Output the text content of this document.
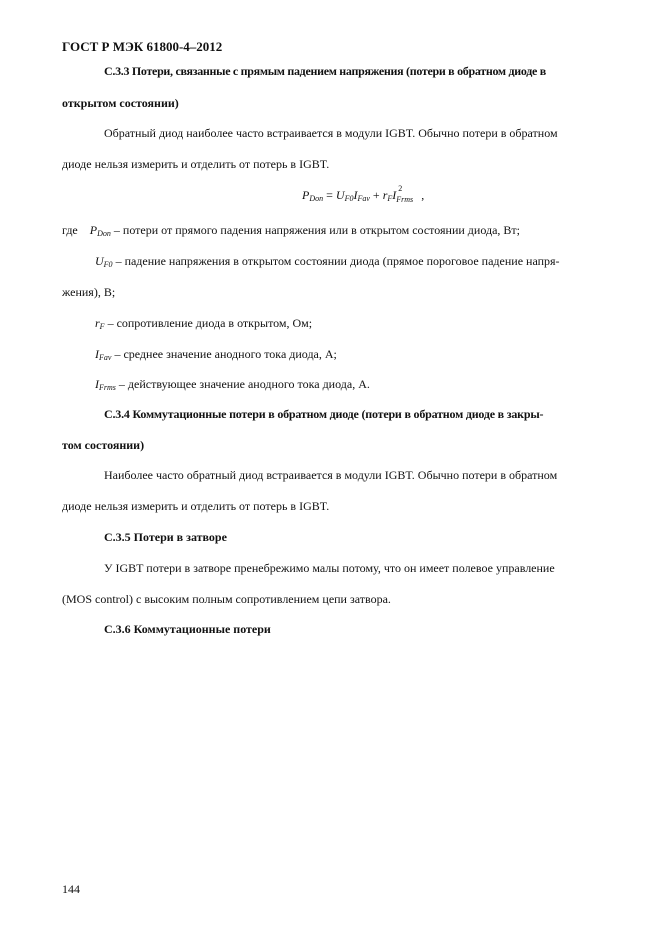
ГОСТ Р МЭК 61800-4–2012
С.3.3 Потери, связанные с прямым падением напряжения (потери в обратном диоде в
открытом состоянии)
Обратный диод наиболее часто встраивается в модули IGBT. Обычно потери в обратном
диоде нельзя измерить и отделить от потерь в IGBT.
$P_{Don} = U_{F0}I_{Fav} + r_FI$ 2
Frms ,
где $P_{Don}$ – потери от прямого падения напряжения или в открытом состоянии диода, Вт;
$U_{F0}$ – падение напряжения в открытом состоянии диода (прямое пороговое падение напря-
жения), В;
$r_F$ – сопротивление диода в открытом, Ом;
$I_{Fav}$ – среднее значение анодного тока диода, А;
$I_{Frms}$ – действующее значение анодного тока диода, А.
С.3.4 Коммутационные потери в обратном диоде (потери в обратном диоде в закры-
том состоянии)
Наиболее часто обратный диод встраивается в модули IGBT. Обычно потери в обратном
диоде нельзя измерить и отделить от потерь в IGBT.
С.3.5 Потери в затворе
У IGBT потери в затворе пренебрежимо малы потому, что он имеет полевое управление
(MOS control) с высоким полным сопротивлением цепи затвора.
С.3.6 Коммутационные потери
144
